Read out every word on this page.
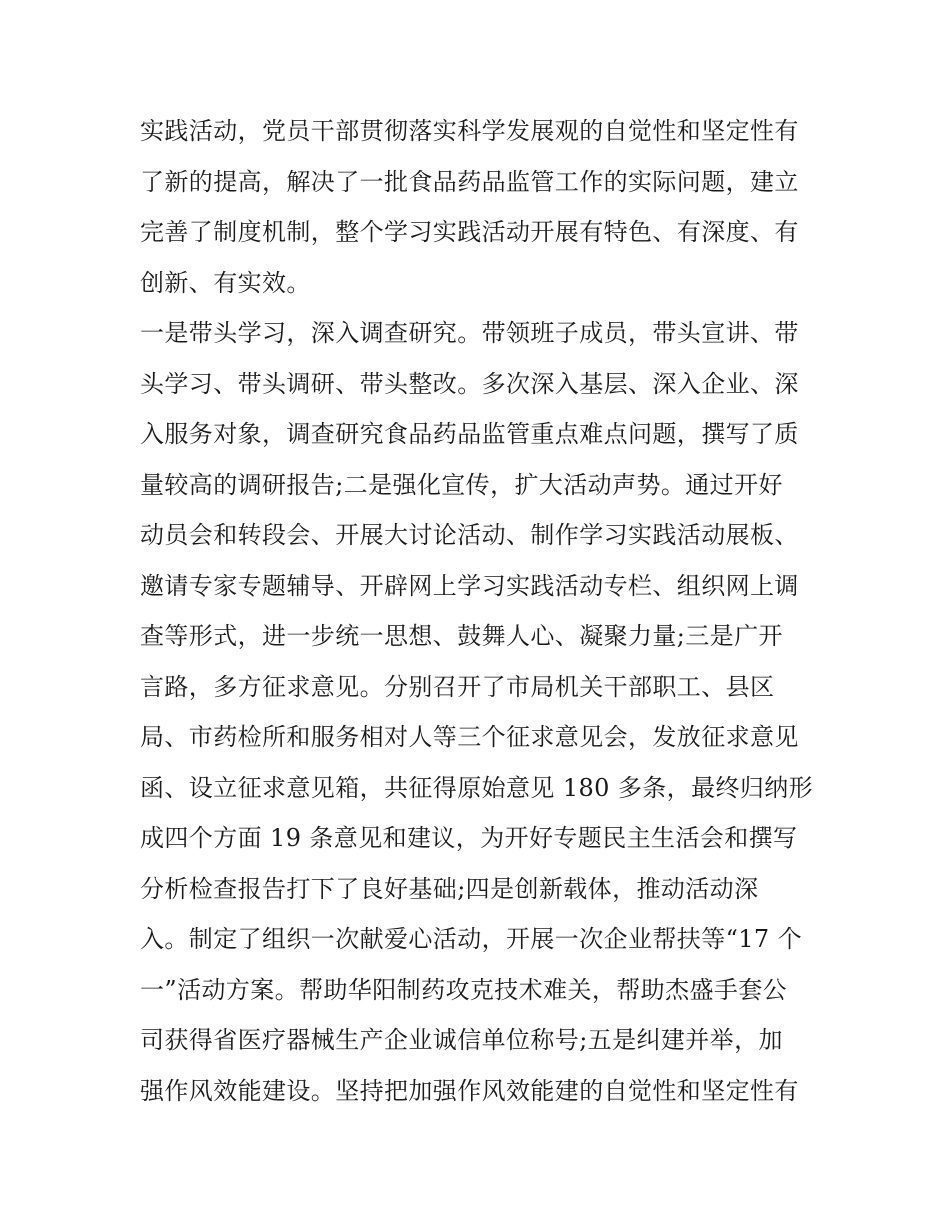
实践活动，党员干部贯彻落实科学发展观的自觉性和坚定性有
了新的提高，解决了一批食品药品监管工作的实际问题，建立
完善了制度机制，整个学习实践活动开展有特色、有深度、有
创新、有实效。
一是带头学习，深入调查研究。带领班子成员，带头宣讲、带
头学习、带头调研、带头整改。多次深入基层、深入企业、深
入服务对象，调查研究食品药品监管重点难点问题，撰写了质
量较高的调研报告;二是强化宣传，扩大活动声势。通过开好
动员会和转段会、开展大讨论活动、制作学习实践活动展板、
邀请专家专题辅导、开辟网上学习实践活动专栏、组织网上调
查等形式，进一步统一思想、鼓舞人心、凝聚力量;三是广开
言路，多方征求意见。分别召开了市局机关干部职工、县区
局、市药检所和服务相对人等三个征求意见会，发放征求意见
函、设立征求意见箱，共征得原始意见 180 多条，最终归纳形
成四个方面 19 条意见和建议，为开好专题民主生活会和撰写
分析检查报告打下了良好基础;四是创新载体，推动活动深
入。制定了组织一次献爱心活动，开展一次企业帮扶等“17 个
一”活动方案。帮助华阳制药攻克技术难关，帮助杰盛手套公
司获得省医疗器械生产企业诚信单位称号;五是纠建并举，加
强作风效能建设。坚持把加强作风效能建的自觉性和坚定性有
